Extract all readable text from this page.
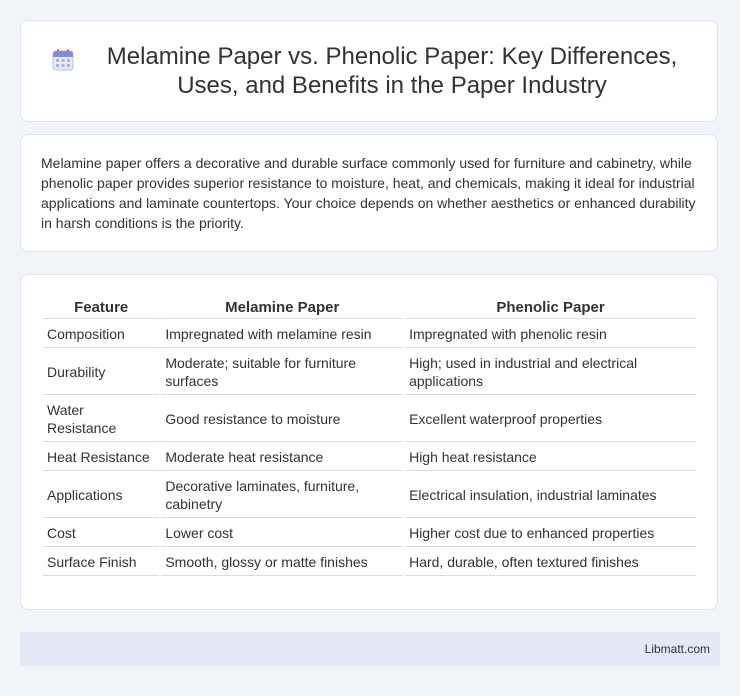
Melamine Paper vs. Phenolic Paper: Key Differences, Uses, and Benefits in the Paper Industry

Melamine paper offers a decorative and durable surface commonly used for furniture and cabinetry, while phenolic paper provides superior resistance to moisture, heat, and chemicals, making it ideal for industrial applications and laminate countertops. Your choice depends on whether aesthetics or enhanced durability in harsh conditions is the priority.

Feature	Melamine Paper	Phenolic Paper
Composition	Impregnated with melamine resin	Impregnated with phenolic resin
Durability	Moderate; suitable for furniture surfaces	High; used in industrial and electrical applications
Water Resistance	Good resistance to moisture	Excellent waterproof properties
Heat Resistance	Moderate heat resistance	High heat resistance
Applications	Decorative laminates, furniture, cabinetry	Electrical insulation, industrial laminates
Cost	Lower cost	Higher cost due to enhanced properties
Surface Finish	Smooth, glossy or matte finishes	Hard, durable, often textured finishes
Libmatt.com
